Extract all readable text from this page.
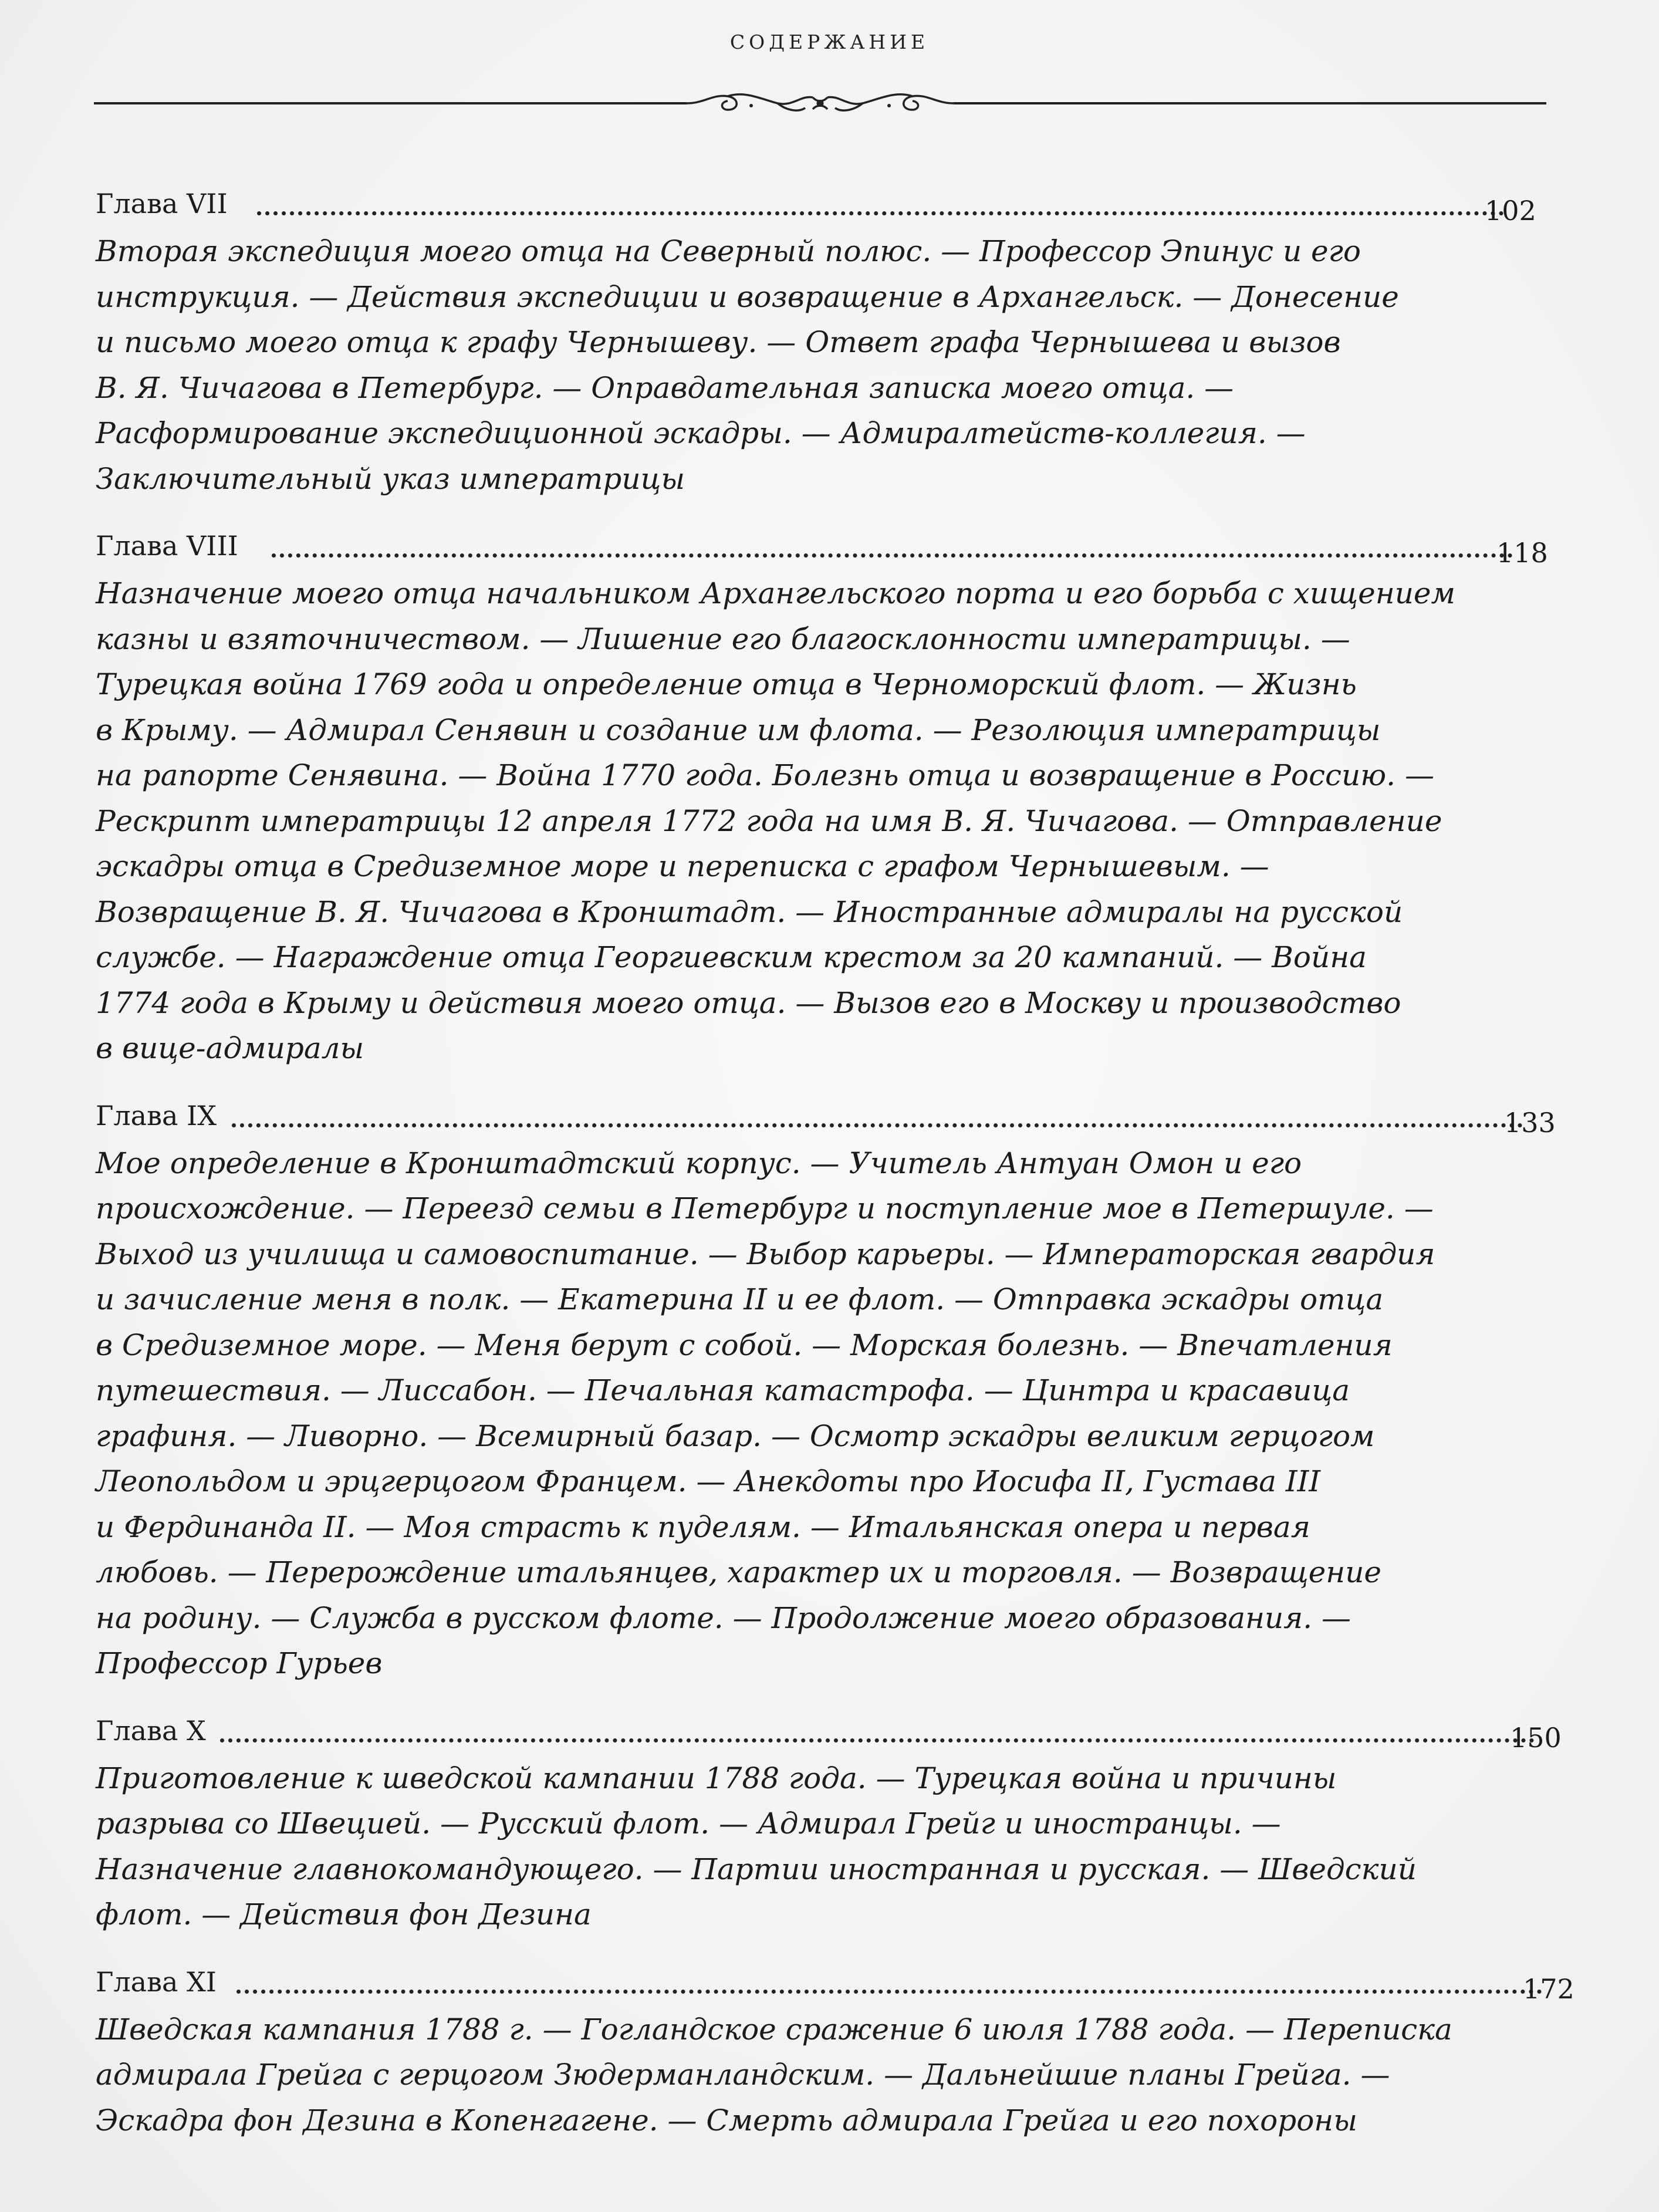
СОДЕРЖАНИЕ
Глава VII	102

Вторая экспедиция моего отца на Северный полюс. — Профессор Эпинус и его
инструкция. — Действия экспедиции и возвращение в Архангельск. — Донесение
и письмо моего отца к графу Чернышеву. — Ответ графа Чернышева и вызов
В. Я. Чичагова в Петербург. — Оправдательная записка моего отца. —
Расформирование экспедиционной эскадры. — Адмиралтейств-коллегия. —
Заключительный указ императрицы

Глава VIII	118

Назначение моего отца начальником Архангельского порта и его борьба с хищением
казны и взяточничеством. — Лишение его благосклонности императрицы. —
Турецкая война 1769 года и определение отца в Черноморский флот. — Жизнь
в Крыму. — Адмирал Сенявин и создание им флота. — Резолюция императрицы
на рапорте Сенявина. — Война 1770 года. Болезнь отца и возвращение в Россию. —
Рескрипт императрицы 12 апреля 1772 года на имя В. Я. Чичагова. — Отправление
эскадры отца в Средиземное море и переписка с графом Чернышевым. —
Возвращение В. Я. Чичагова в Кронштадт. — Иностранные адмиралы на русской
службе. — Награждение отца Георгиевским крестом за 20 кампаний. — Война
1774 года в Крыму и действия моего отца. — Вызов его в Москву и производство
в вице-адмиралы

Глава IX	133

Мое определение в Кронштадтский корпус. — Учитель Антуан Омон и его
происхождение. — Переезд семьи в Петербург и поступление мое в Петершуле. —
Выход из училища и самовоспитание. — Выбор карьеры. — Императорская гвардия
и зачисление меня в полк. — Екатерина II и ее флот. — Отправка эскадры отца
в Средиземное море. — Меня берут с собой. — Морская болезнь. — Впечатления
путешествия. — Лиссабон. — Печальная катастрофа. — Цинтра и красавица
графиня. — Ливорно. — Всемирный базар. — Осмотр эскадры великим герцогом
Леопольдом и эрцгерцогом Францем. — Анекдоты про Иосифа II, Густава III
и Фердинанда II. — Моя страсть к пуделям. — Итальянская опера и первая
любовь. — Перерождение итальянцев, характер их и торговля. — Возвращение
на родину. — Служба в русском флоте. — Продолжение моего образования. —
Профессор Гурьев

Глава X	150

Приготовление к шведской кампании 1788 года. — Турецкая война и причины
разрыва со Швецией. — Русский флот. — Адмирал Грейг и иностранцы. —
Назначение главнокомандующего. — Партии иностранная и русская. — Шведский
флот. — Действия фон Дезина

Глава XI	172

Шведская кампания 1788 г. — Гогландское сражение 6 июля 1788 года. — Переписка
адмирала Грейга с герцогом Зюдерманландским. — Дальнейшие планы Грейга. —
Эскадра фон Дезина в Копенгагене. — Смерть адмирала Грейга и его похороны
